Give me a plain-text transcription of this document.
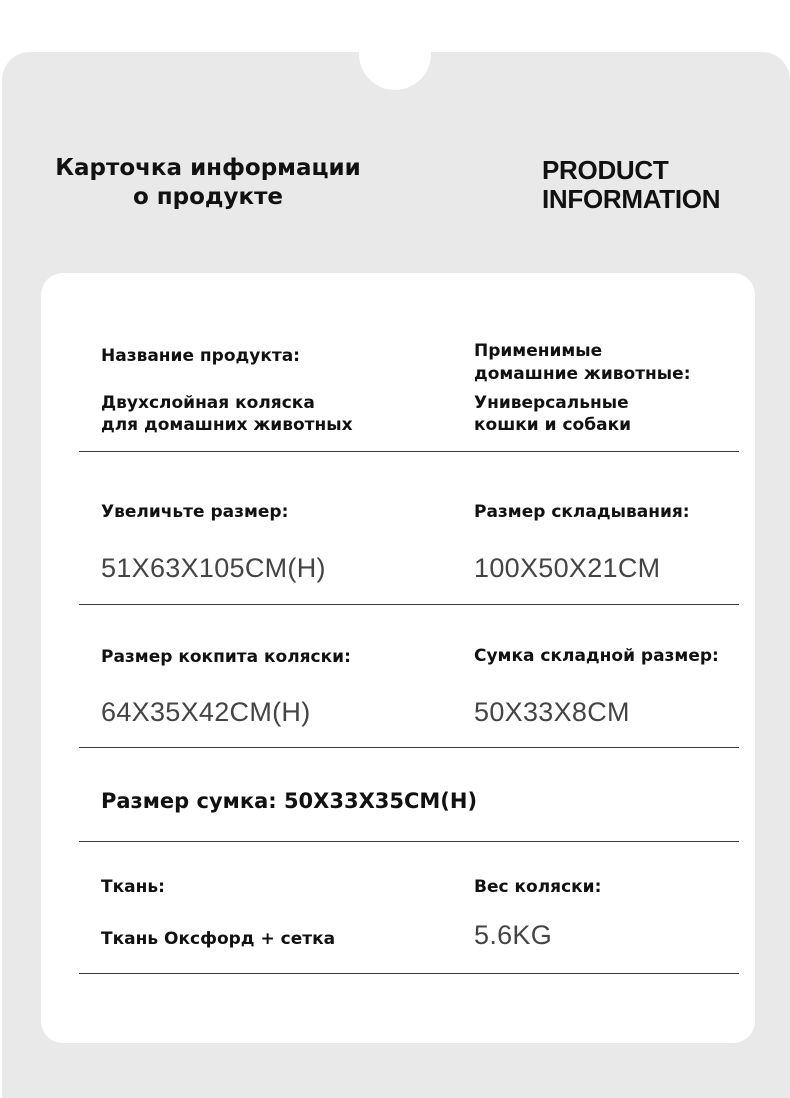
Карточка информации
о продукте
PRODUCT
INFORMATION
Название продукта:
Двухслойная коляска
для домашних животных
Применимые
домашние животные:
Универсальные
кошки и собаки
Увеличьте размер:
51X63X105CM(H)
Размер складывания:
100X50X21CM
Размер кокпита коляски:
64X35X42CM(H)
Сумка складной размер:
50X33X8CM
Размер сумка: 50X33X35CM(H)
Ткань:
Ткань Оксфорд + сетка
Вес коляски:
5.6KG
